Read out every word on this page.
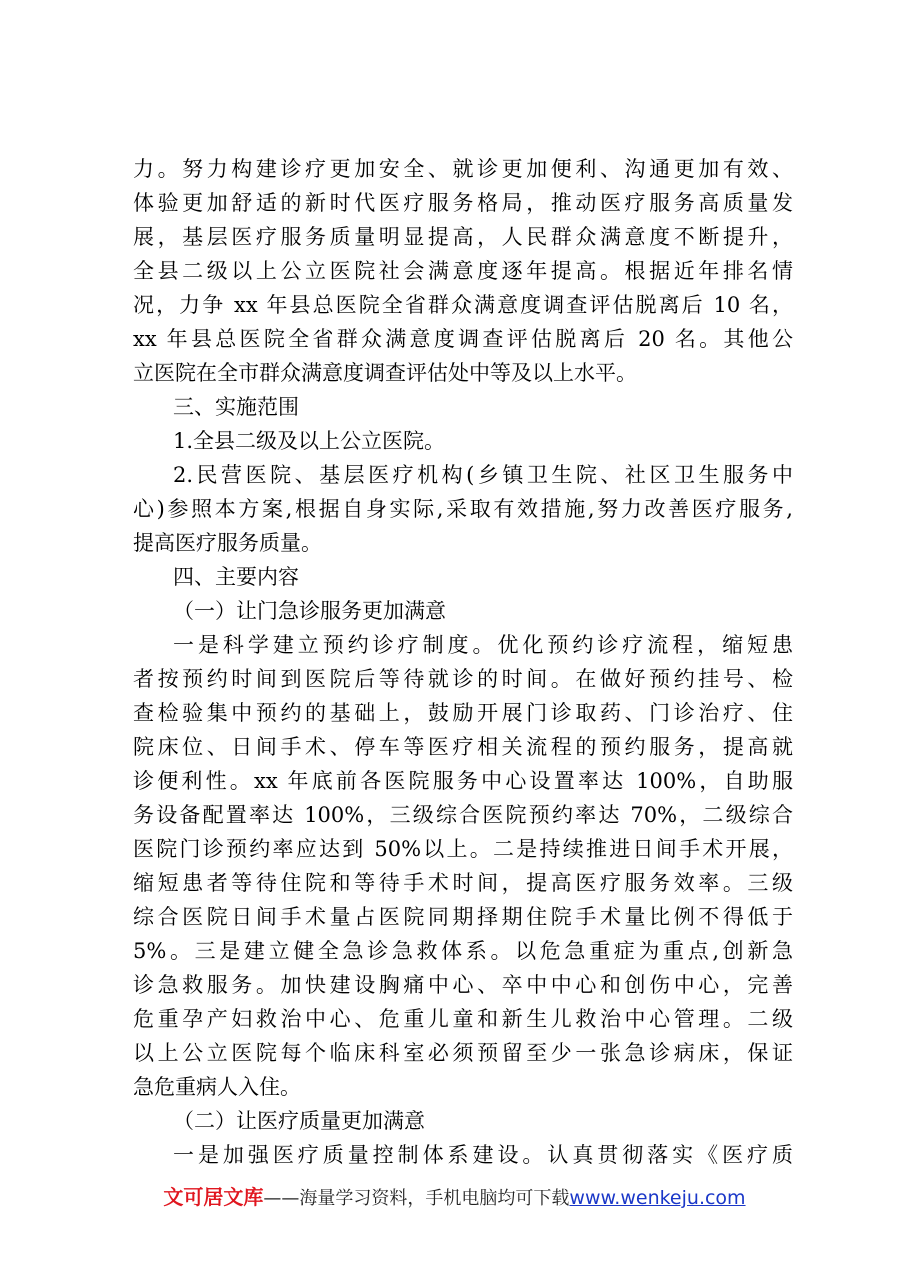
力。努力构建诊疗更加安全、就诊更加便利、沟通更加有效、
体验更加舒适的新时代医疗服务格局，推动医疗服务高质量发
展，基层医疗服务质量明显提高，人民群众满意度不断提升，
全县二级以上公立医院社会满意度逐年提高。根据近年排名情
况，力争 xx 年县总医院全省群众满意度调查评估脱离后 10 名，
xx 年县总医院全省群众满意度调查评估脱离后 20 名。其他公
立医院在全市群众满意度调查评估处中等及以上水平。
三、实施范围
1.全县二级及以上公立医院。
2.民营医院、基层医疗机构(乡镇卫生院、社区卫生服务中
心)参照本方案,根据自身实际,采取有效措施,努力改善医疗服务,
提高医疗服务质量。
四、主要内容
（一）让门急诊服务更加满意
一是科学建立预约诊疗制度。优化预约诊疗流程，缩短患
者按预约时间到医院后等待就诊的时间。在做好预约挂号、检
查检验集中预约的基础上，鼓励开展门诊取药、门诊治疗、住
院床位、日间手术、停车等医疗相关流程的预约服务，提高就
诊便利性。xx 年底前各医院服务中心设置率达 100%，自助服
务设备配置率达 100%，三级综合医院预约率达 70%，二级综合
医院门诊预约率应达到 50%以上。二是持续推进日间手术开展，
缩短患者等待住院和等待手术时间，提高医疗服务效率。三级
综合医院日间手术量占医院同期择期住院手术量比例不得低于
5%。三是建立健全急诊急救体系。以危急重症为重点,创新急
诊急救服务。加快建设胸痛中心、卒中中心和创伤中心，完善
危重孕产妇救治中心、危重儿童和新生儿救治中心管理。二级
以上公立医院每个临床科室必须预留至少一张急诊病床，保证
急危重病人入住。
（二）让医疗质量更加满意
一是加强医疗质量控制体系建设。认真贯彻落实《医疗质
文可居文库——海量学习资料，手机电脑均可下载www.wenkeju.com
